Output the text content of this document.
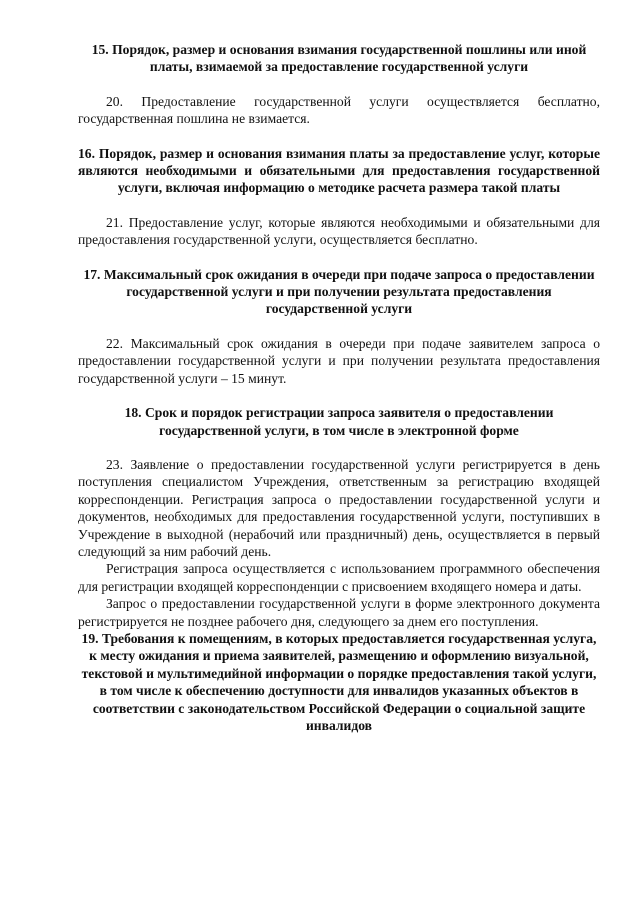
15. Порядок, размер и основания взимания государственной пошлины или иной платы, взимаемой за предоставление государственной услуги

20. Предоставление государственной услуги осуществляется бесплатно, государственная пошлина не взимается.

16. Порядок, размер и основания взимания платы за предоставление услуг, которые являются необходимыми и обязательными для предоставления государственной услуги, включая информацию о методике расчета размера такой платы

21. Предоставление услуг, которые являются необходимыми и обязательными для предоставления государственной услуги, осуществляется бесплатно.

17. Максимальный срок ожидания в очереди при подаче запроса о предоставлении государственной услуги и при получении результата предоставления государственной услуги

22. Максимальный срок ожидания в очереди при подаче заявителем запроса о предоставлении государственной услуги и при получении результата предоставления государственной услуги – 15 минут.

18. Срок и порядок регистрации запроса заявителя о предоставлении государственной услуги, в том числе в электронной форме

23. Заявление о предоставлении государственной услуги регистрируется в день поступления специалистом Учреждения, ответственным за регистрацию входящей корреспонденции. Регистрация запроса о предоставлении государственной услуги и документов, необходимых для предоставления государственной услуги, поступивших в Учреждение в выходной (нерабочий или праздничный) день, осуществляется в первый следующий за ним рабочий день.

Регистрация запроса осуществляется с использованием программного обеспечения для регистрации входящей корреспонденции с присвоением входящего номера и даты.

Запрос о предоставлении государственной услуги в форме электронного документа регистрируется не позднее рабочего дня, следующего за днем его поступления.

19. Требования к помещениям, в которых предоставляется государственная услуга, к месту ожидания и приема заявителей, размещению и оформлению визуальной, текстовой и мультимедийной информации о порядке предоставления такой услуги, в том числе к обеспечению доступности для инвалидов указанных объектов в соответствии с законодательством Российской Федерации о социальной защите инвалидов
